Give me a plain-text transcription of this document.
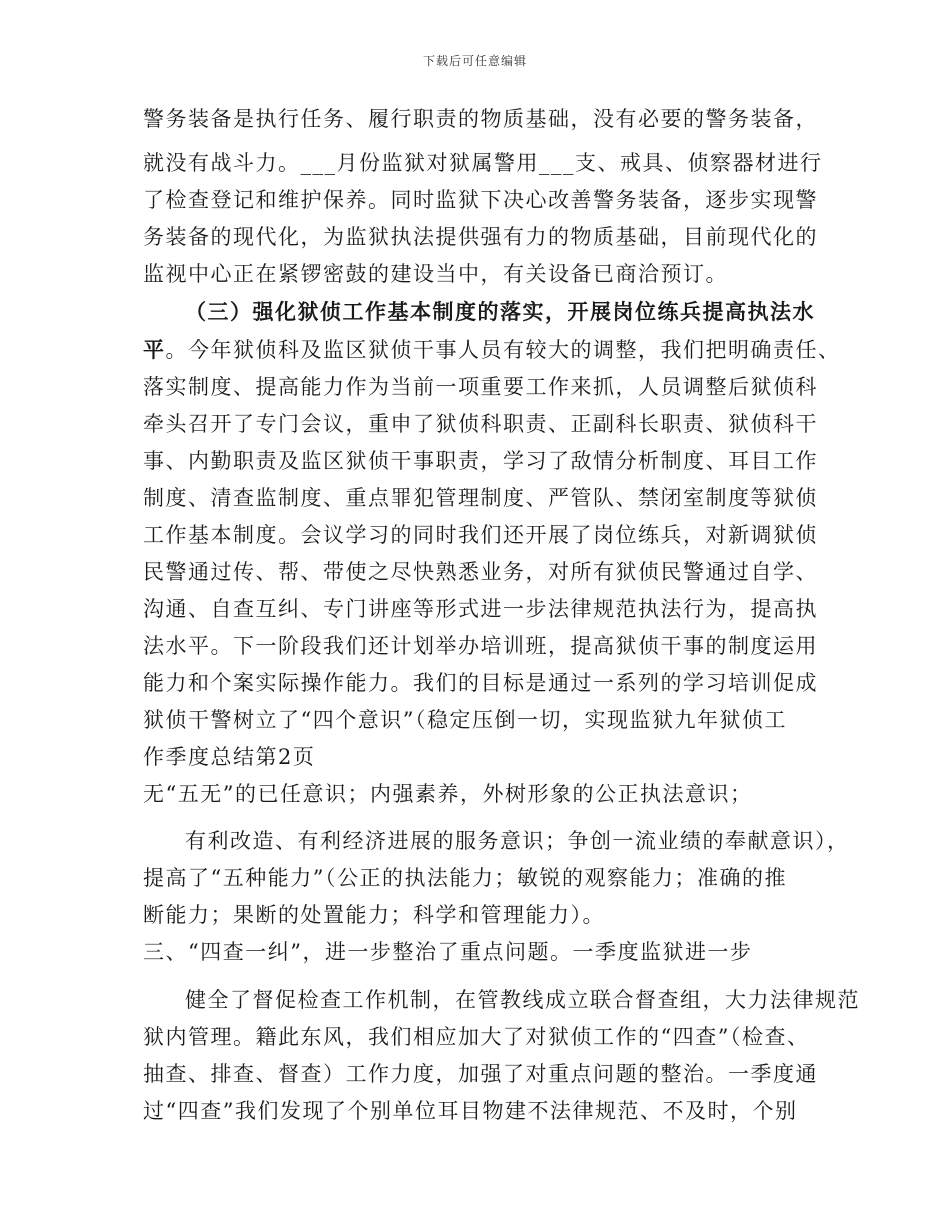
下载后可任意编辑
警务装备是执行任务、履行职责的物质基础，没有必要的警务装备，
就没有战斗力。___月份监狱对狱属警用___支、戒具、侦察器材进行
了检查登记和维护保养。同时监狱下决心改善警务装备，逐步实现警
务装备的现代化，为监狱执法提供强有力的物质基础，目前现代化的
监视中心正在紧锣密鼓的建设当中，有关设备已商洽预订。
（三）强化狱侦工作基本制度的落实，开展岗位练兵提高执法水
平。今年狱侦科及监区狱侦干事人员有较大的调整，我们把明确责任、
落实制度、提高能力作为当前一项重要工作来抓，人员调整后狱侦科
牵头召开了专门会议，重申了狱侦科职责、正副科长职责、狱侦科干
事、内勤职责及监区狱侦干事职责，学习了敌情分析制度、耳目工作
制度、清查监制度、重点罪犯管理制度、严管队、禁闭室制度等狱侦
工作基本制度。会议学习的同时我们还开展了岗位练兵，对新调狱侦
民警通过传、帮、带使之尽快熟悉业务，对所有狱侦民警通过自学、
沟通、自查互纠、专门讲座等形式进一步法律规范执法行为，提高执
法水平。下一阶段我们还计划举办培训班，提高狱侦干事的制度运用
能力和个案实际操作能力。我们的目标是通过一系列的学习培训促成
狱侦干警树立了“四个意识”（稳定压倒一切，实现监狱九年狱侦工
作季度总结第2页
无“五无”的已任意识；内强素养，外树形象的公正执法意识；
有利改造、有利经济进展的服务意识；争创一流业绩的奉献意识），
提高了“五种能力”（公正的执法能力；敏锐的观察能力；准确的推
断能力；果断的处置能力；科学和管理能力）。
三、“四查一纠”，进一步整治了重点问题。一季度监狱进一步
健全了督促检查工作机制，在管教线成立联合督查组，大力法律规范
狱内管理。籍此东风，我们相应加大了对狱侦工作的“四查”（检查、
抽查、排查、督查）工作力度，加强了对重点问题的整治。一季度通
过“四查”我们发现了个别单位耳目物建不法律规范、不及时，个别
